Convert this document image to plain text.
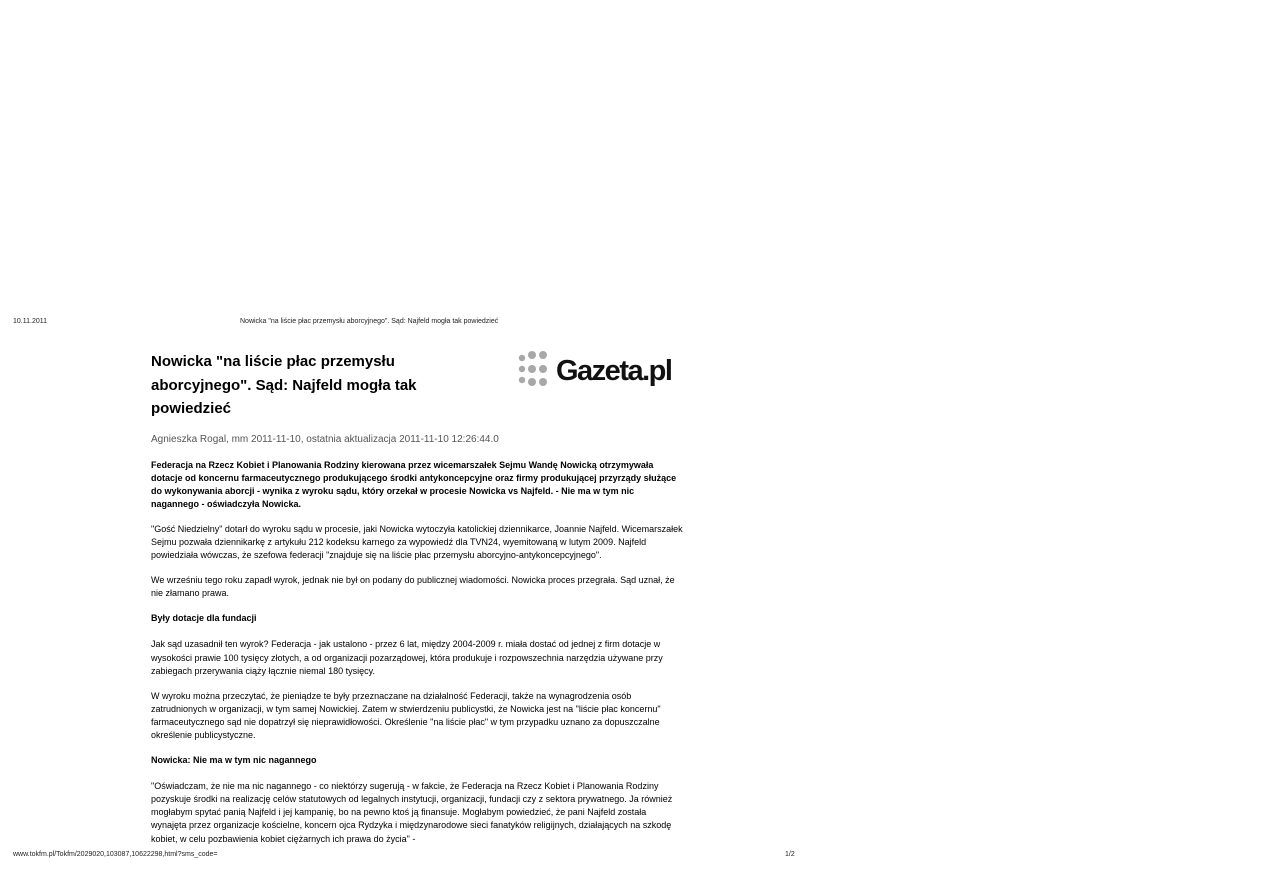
10.11.2011	Nowicka "na liście płac przemysłu aborcyjnego". Sąd: Najfeld mogła tak powiedzieć
Nowicka "na liście płac przemysłu aborcyjnego". Sąd: Najfeld mogła tak powiedzieć
Gazeta.pl
Agnieszka Rogal, mm 2011-11-10, ostatnia aktualizacja 2011-11-10 12:26:44.0
Federacja na Rzecz Kobiet i Planowania Rodziny kierowana przez wicemarszałek Sejmu Wandę Nowicką otrzymywała dotacje od koncernu farmaceutycznego produkującego środki antykoncepcyjne oraz firmy produkującej przyrządy służące do wykonywania aborcji - wynika z wyroku sądu, który orzekał w procesie Nowicka vs Najfeld. - Nie ma w tym nic nagannego - oświadczyła Nowicka.
"Gość Niedzielny" dotarł do wyroku sądu w procesie, jaki Nowicka wytoczyła katolickiej dziennikarce, Joannie Najfeld. Wicemarszałek Sejmu pozwała dziennikarkę z artykułu 212 kodeksu karnego za wypowiedź dla TVN24, wyemitowaną w lutym 2009. Najfeld powiedziała wówczas, że szefowa federacji "znajduje się na liście płac przemysłu aborcyjno-antykoncepcyjnego".
We wrześniu tego roku zapadł wyrok, jednak nie był on podany do publicznej wiadomości. Nowicka proces przegrała. Sąd uznał, że nie złamano prawa.
Były dotacje dla fundacji
Jak sąd uzasadnił ten wyrok? Federacja - jak ustalono - przez 6 lat, między 2004-2009 r. miała dostać od jednej z firm dotacje w wysokości prawie 100 tysięcy złotych, a od organizacji pozarządowej, która produkuje i rozpowszechnia narzędzia używane przy zabiegach przerywania ciąży łącznie niemal 180 tysięcy.
W wyroku można przeczytać, że pieniądze te były przeznaczane na działalność Federacji, także na wynagrodzenia osób zatrudnionych w organizacji, w tym samej Nowickiej. Zatem w stwierdzeniu publicystki, że Nowicka jest na "liście płac koncernu" farmaceutycznego sąd nie dopatrzył się nieprawidłowości. Określenie "na liście płac" w tym przypadku uznano za dopuszczalne określenie publicystyczne.
Nowicka: Nie ma w tym nic nagannego
"Oświadczam, że nie ma nic nagannego - co niektórzy sugerują - w fakcie, że Federacja na Rzecz Kobiet i Planowania Rodziny pozyskuje środki na realizację celów statutowych od legalnych instytucji, organizacji, fundacji czy z sektora prywatnego. Ja również mogłabym spytać panią Najfeld i jej kampanię, bo na pewno ktoś ją finansuje. Mogłabym powiedzieć, że pani Najfeld została wynajęta przez organizacje kościelne, koncern ojca Rydzyka i międzynarodowe sieci fanatyków religijnych, działających na szkodę kobiet, w celu pozbawienia kobiet ciężarnych ich prawa do życia" -
www.tokfm.pl/Tokfm/2029020,103087,10622298,html?sms_code=	1/2
